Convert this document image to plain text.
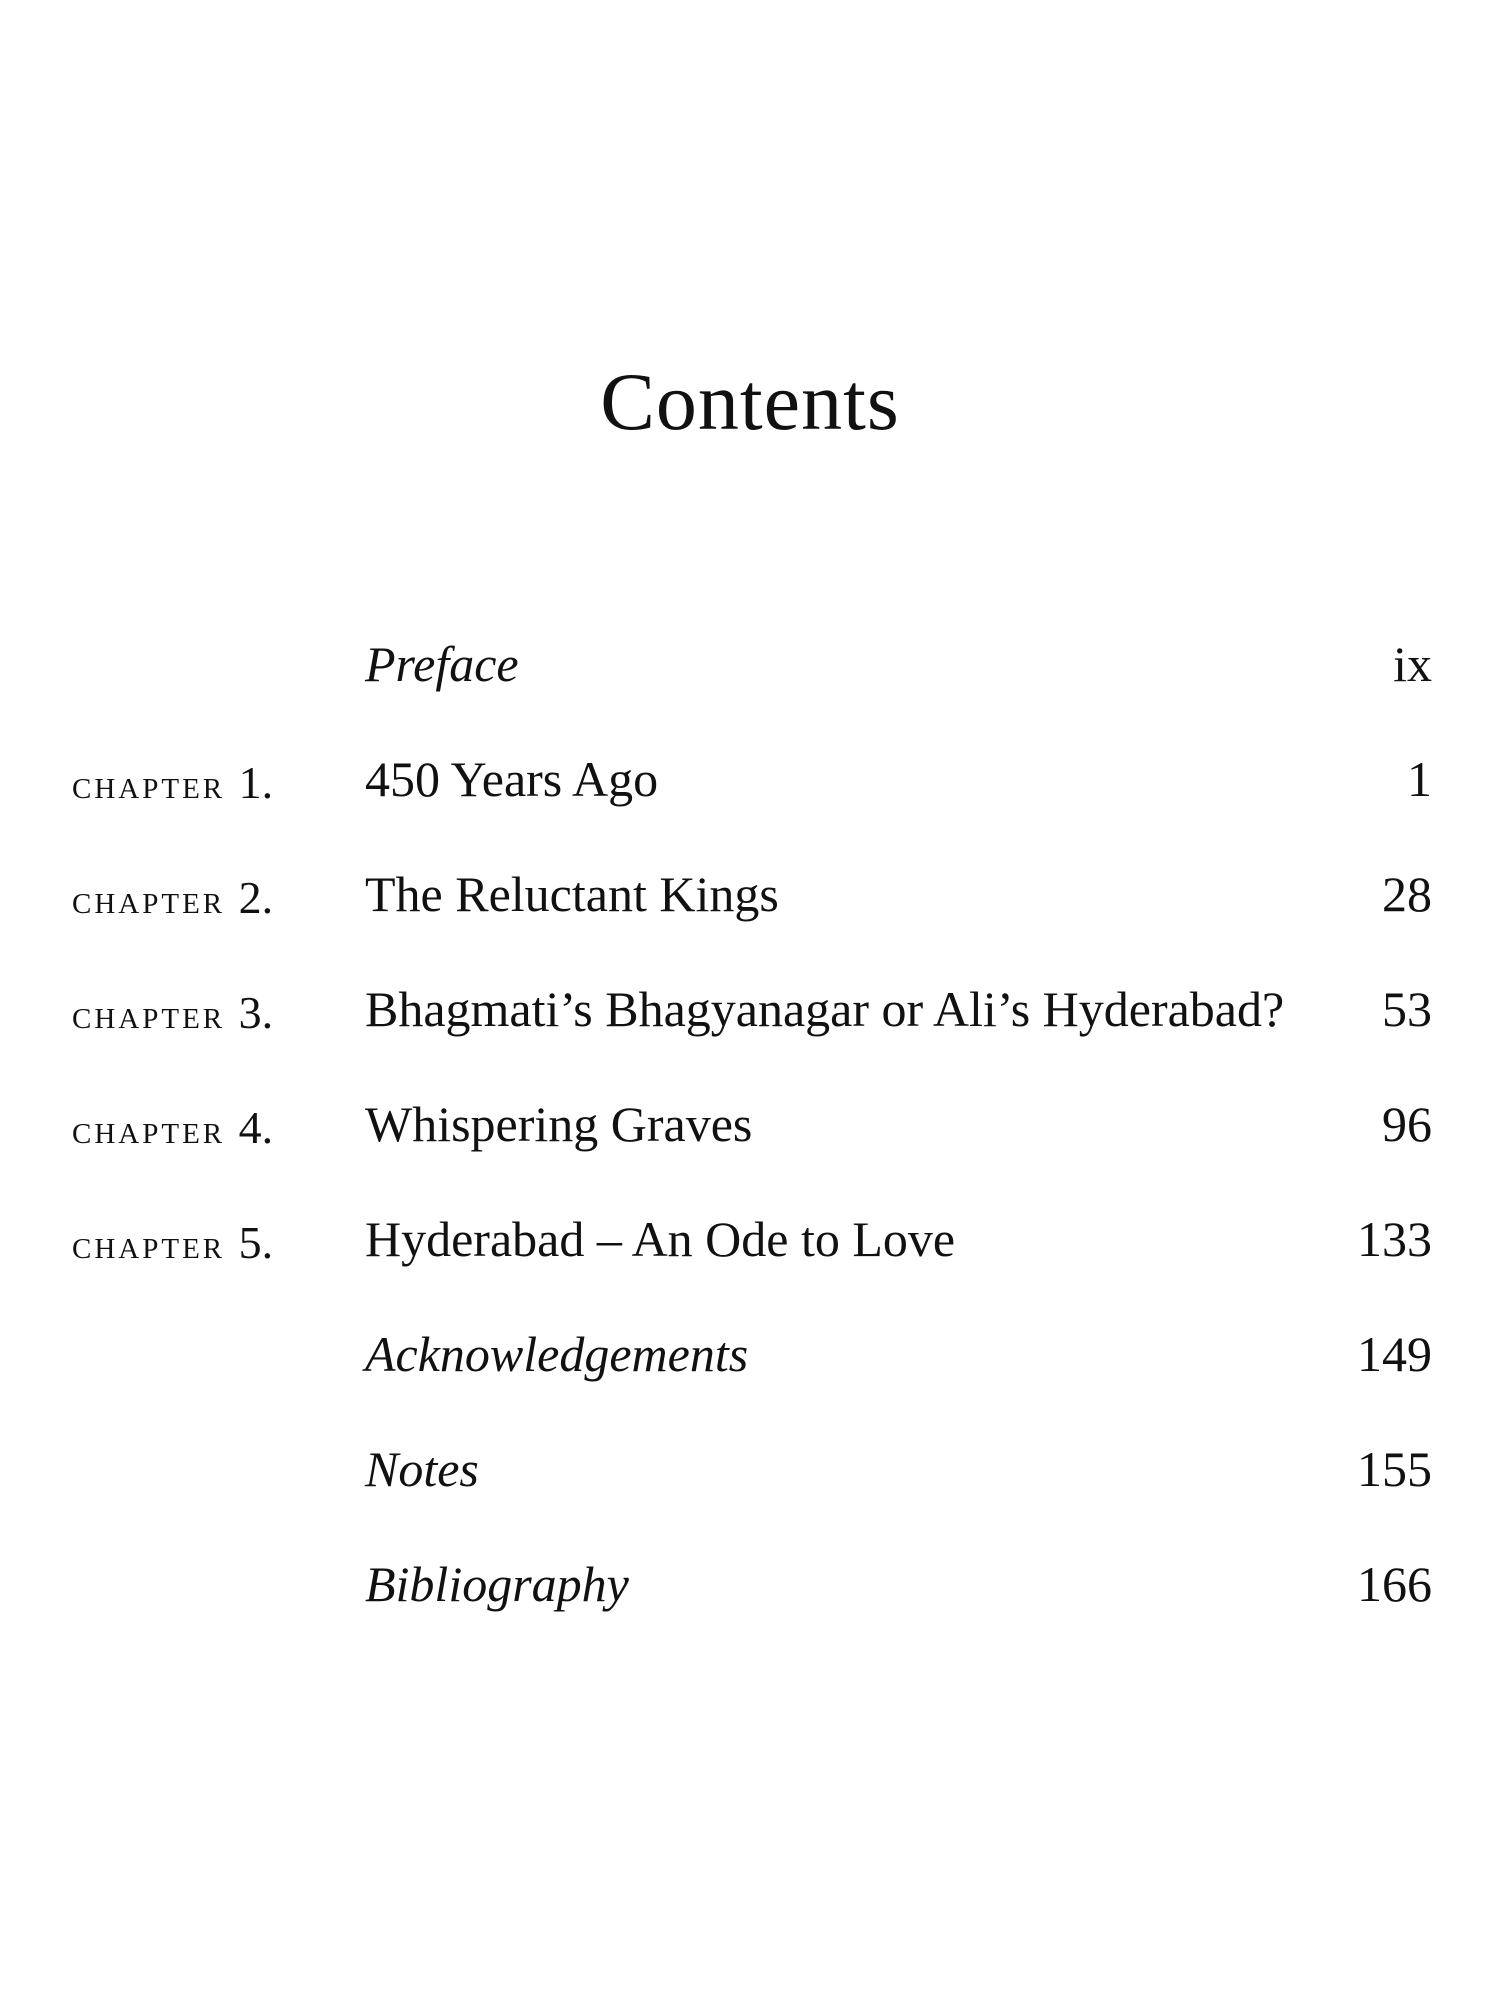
Contents
Preface	ix
chapter 1.	450 Years Ago	1
chapter 2.	The Reluctant Kings	28
chapter 3.	Bhagmati’s Bhagyanagar or Ali’s Hyderabad? 53
chapter 4.	Whispering Graves	96
chapter 5.	Hyderabad – An Ode to Love	133
Acknowledgements	149
Notes	155
Bibliography	166
